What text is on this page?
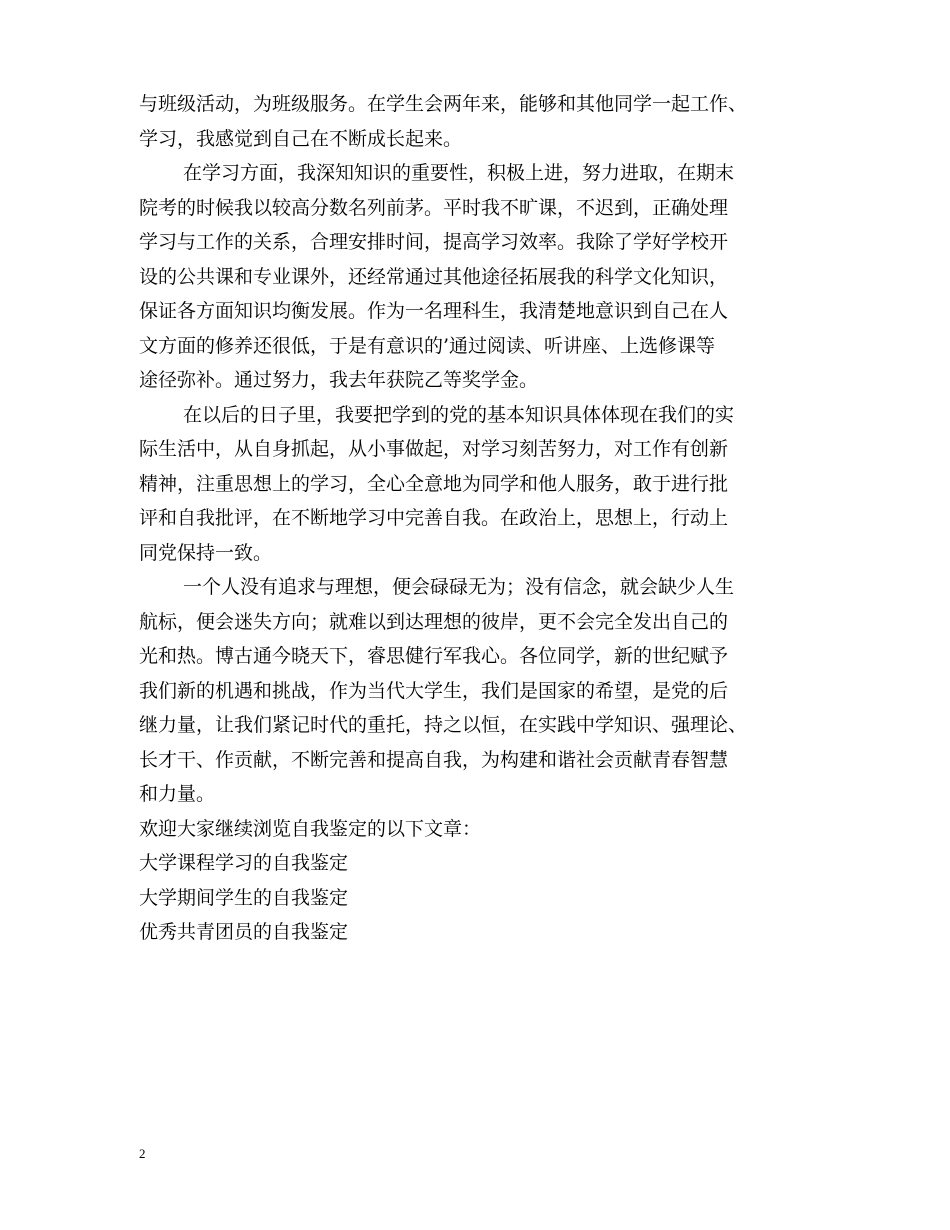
与班级活动，为班级服务。在学生会两年来，能够和其他同学一起工作、
学习，我感觉到自己在不断成长起来。
在学习方面，我深知知识的重要性，积极上进，努力进取，在期末
院考的时候我以较高分数名列前茅。平时我不旷课，不迟到，正确处理
学习与工作的关系，合理安排时间，提高学习效率。我除了学好学校开
设的公共课和专业课外，还经常通过其他途径拓展我的科学文化知识，
保证各方面知识均衡发展。作为一名理科生，我清楚地意识到自己在人
文方面的修养还很低，于是有意识的’通过阅读、听讲座、上选修课等
途径弥补。通过努力，我去年获院乙等奖学金。
在以后的日子里，我要把学到的党的基本知识具体体现在我们的实
际生活中，从自身抓起，从小事做起，对学习刻苦努力，对工作有创新
精神，注重思想上的学习，全心全意地为同学和他人服务，敢于进行批
评和自我批评，在不断地学习中完善自我。在政治上，思想上，行动上
同党保持一致。
一个人没有追求与理想，便会碌碌无为；没有信念，就会缺少人生
航标，便会迷失方向；就难以到达理想的彼岸，更不会完全发出自己的
光和热。博古通今晓天下，睿思健行军我心。各位同学，新的世纪赋予
我们新的机遇和挑战，作为当代大学生，我们是国家的希望，是党的后
继力量，让我们紧记时代的重托，持之以恒，在实践中学知识、强理论、
长才干、作贡献，不断完善和提高自我，为构建和谐社会贡献青春智慧
和力量。
欢迎大家继续浏览自我鉴定的以下文章：
大学课程学习的自我鉴定
大学期间学生的自我鉴定
优秀共青团员的自我鉴定
2
